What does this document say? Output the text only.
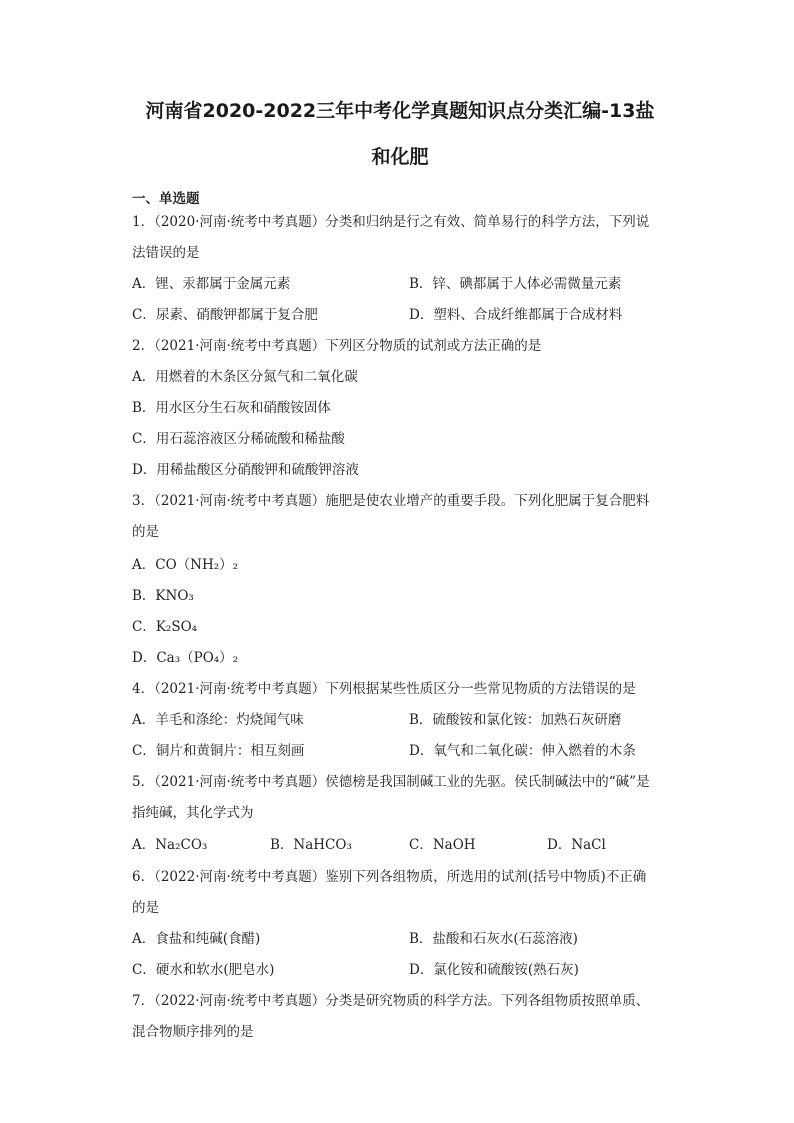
河南省2020-2022三年中考化学真题知识点分类汇编-13盐
和化肥
一、单选题
1．（2020·河南·统考中考真题）分类和归纳是行之有效、简单易行的科学方法，下列说
法错误的是
A．锂、汞都属于金属元素	B．锌、碘都属于人体必需微量元素
C．尿素、硝酸钾都属于复合肥	D．塑料、合成纤维都属于合成材料
2．（2021·河南·统考中考真题）下列区分物质的试剂或方法正确的是
A．用燃着的木条区分氮气和二氧化碳
B．用水区分生石灰和硝酸铵固体
C．用石蕊溶液区分稀硫酸和稀盐酸
D．用稀盐酸区分硝酸钾和硫酸钾溶液
3．（2021·河南·统考中考真题）施肥是使农业增产的重要手段。下列化肥属于复合肥料
的是
A．CO（NH₂）₂
B．KNO₃
C．K₂SO₄
D．Ca₃（PO₄）₂
4．（2021·河南·统考中考真题）下列根据某些性质区分一些常见物质的方法错误的是
A．羊毛和涤纶：灼烧闻气味	B．硫酸铵和氯化铵：加熟石灰研磨
C．铜片和黄铜片：相互刻画	D．氧气和二氧化碳：伸入燃着的木条
5．（2021·河南·统考中考真题）侯德榜是我国制碱工业的先驱。侯氏制碱法中的“碱”是
指纯碱，其化学式为
A．Na₂CO₃	B．NaHCO₃	C．NaOH	D．NaCl
6．（2022·河南·统考中考真题）鉴别下列各组物质，所选用的试剂(括号中物质)不正确
的是
A．食盐和纯碱(食醋)	B．盐酸和石灰水(石蕊溶液)
C．硬水和软水(肥皂水)	D．氯化铵和硫酸铵(熟石灰)
7．（2022·河南·统考中考真题）分类是研究物质的科学方法。下列各组物质按照单质、
混合物顺序排列的是
